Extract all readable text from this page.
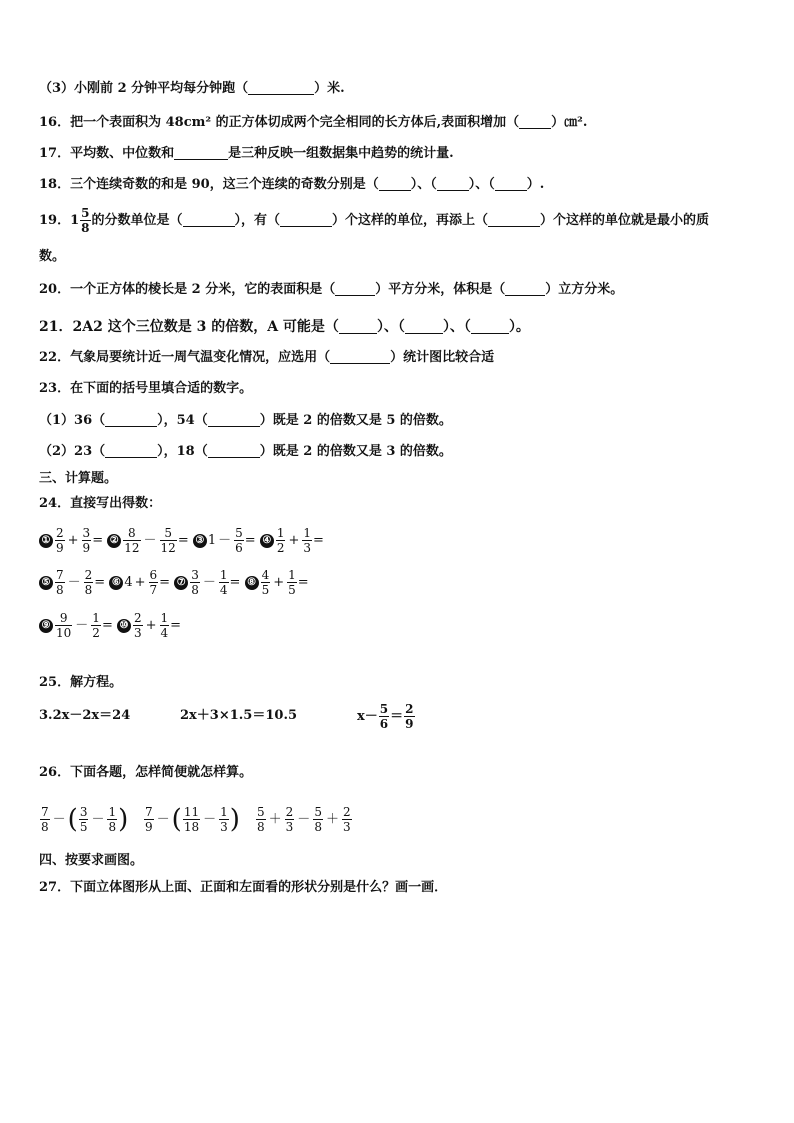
（3）小刚前 2 分钟平均每分钟跑（	）米.
16．把一个表面积为 48cm² 的正方体切成两个完全相同的长方体后,表面积增加（ ）㎝².
17．平均数、中位数和	是三种反映一组数据集中趋势的统计量.
18．三个连续奇数的和是 90，这三个连续的奇数分别是（ ）、（ ）、（ ）.
19．$1 \frac{5}{8}$ 的分数单位是（	），有（	）个这样的单位，再添上（	）个这样的单位就是最小的质
数。
20．一个正方体的棱长是 2 分米，它的表面积是（	）平方分米，体积是（	）立方分米。
21．2A2 这个三位数是 3 的倍数，A 可能是（	）、（	）、（	）。
22．气象局要统计近一周气温变化情况，应选用（	）统计图比较合适
23．在下面的括号里填合适的数字。
（1）36（	），54（	）既是 2 的倍数又是 5 的倍数。
（2）23（	），18（	）既是 2 的倍数又是 3 的倍数。
三、计算题。
24．直接写出得数：
① $\frac{2}{9} + \frac{3}{9}$ = ② $\frac{8}{12} - \frac{5}{12}$ = ③ $1 - \frac{5}{6}$ = ④ $\frac{1}{2} + \frac{1}{3}$ =
⑤ $\frac{7}{8} - \frac{2}{8}$ = ⑥ $4 + \frac{6}{7}$ = ⑦ $\frac{3}{8} - \frac{1}{4}$ = ⑧ $\frac{4}{5} + \frac{1}{5}$ =
⑨ $\frac{9}{10} - \frac{1}{2}$ = ⑩ $\frac{2}{3} + \frac{1}{4}$ =
25．解方程。
3.2x－2x＝24	2x＋3×1.5＝10.5	$x- \frac{5}{6} = \frac{2}{9}$
26．下面各题，怎样简便就怎样算。
$\frac{7}{8}$ －( $\frac{3}{5} - \frac{1}{8}$ ) $\frac{7}{9}$ －( $\frac{11}{18} - \frac{1}{3}$ ) $\frac{5}{8} + \frac{2}{3} - \frac{5}{8} + \frac{2}{3}$
四、按要求画图。
27．下面立体图形从上面、正面和左面看的形状分别是什么？画一画．
